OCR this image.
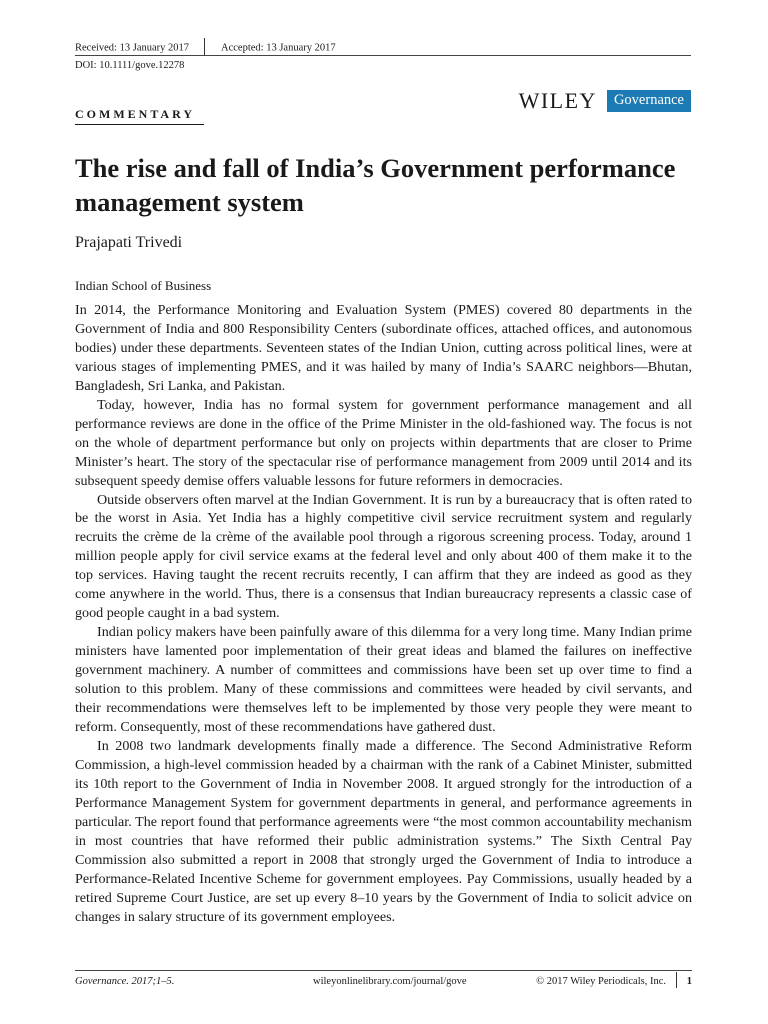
Received: 13 January 2017	Accepted: 13 January 2017
DOI: 10.1111/gove.12278
WILEY	Governance
COMMENTARY
The rise and fall of India’s Government performance management system
Prajapati Trivedi
Indian School of Business

In 2014, the Performance Monitoring and Evaluation System (PMES) covered 80 departments in the Government of India and 800 Responsibility Centers (subordinate offices, attached offices, and autonomous bodies) under these departments. Seventeen states of the Indian Union, cutting across political lines, were at various stages of implementing PMES, and it was hailed by many of India’s SAARC neighbors—Bhutan, Bangladesh, Sri Lanka, and Pakistan.

Today, however, India has no formal system for government performance management and all performance reviews are done in the office of the Prime Minister in the old-fashioned way. The focus is not on the whole of department performance but only on projects within departments that are closer to Prime Minister’s heart. The story of the spectacular rise of performance management from 2009 until 2014 and its subsequent speedy demise offers valuable lessons for future reformers in democracies.

Outside observers often marvel at the Indian Government. It is run by a bureaucracy that is often rated to be the worst in Asia. Yet India has a highly competitive civil service recruitment system and regularly recruits the crème de la crème of the available pool through a rigorous screening process. Today, around 1 million people apply for civil service exams at the federal level and only about 400 of them make it to the top services. Having taught the recent recruits recently, I can affirm that they are indeed as good as they come anywhere in the world. Thus, there is a consensus that Indian bureaucracy represents a classic case of good people caught in a bad system.

Indian policy makers have been painfully aware of this dilemma for a very long time. Many Indian prime ministers have lamented poor implementation of their great ideas and blamed the failures on ineffective government machinery. A number of committees and commissions have been set up over time to find a solution to this problem. Many of these commissions and committees were headed by civil servants, and their recommendations were themselves left to be implemented by those very people they were meant to reform. Consequently, most of these recommendations have gathered dust.

In 2008 two landmark developments finally made a difference. The Second Administrative Reform Commission, a high-level commission headed by a chairman with the rank of a Cabinet Minister, submitted its 10th report to the Government of India in November 2008. It argued strongly for the introduction of a Performance Management System for government departments in general, and performance agreements in particular. The report found that performance agreements were “the most common accountability mechanism in most countries that have reformed their public administration systems.” The Sixth Central Pay Commission also submitted a report in 2008 that strongly urged the Government of India to introduce a Performance-Related Incentive Scheme for government employees. Pay Commissions, usually headed by a retired Supreme Court Justice, are set up every 8–10 years by the Government of India to solicit advice on changes in salary structure of its government employees.

Governance. 2017;1–5.	wileyonlinelibrary.com/journal/gove	© 2017 Wiley Periodicals, Inc. 1
